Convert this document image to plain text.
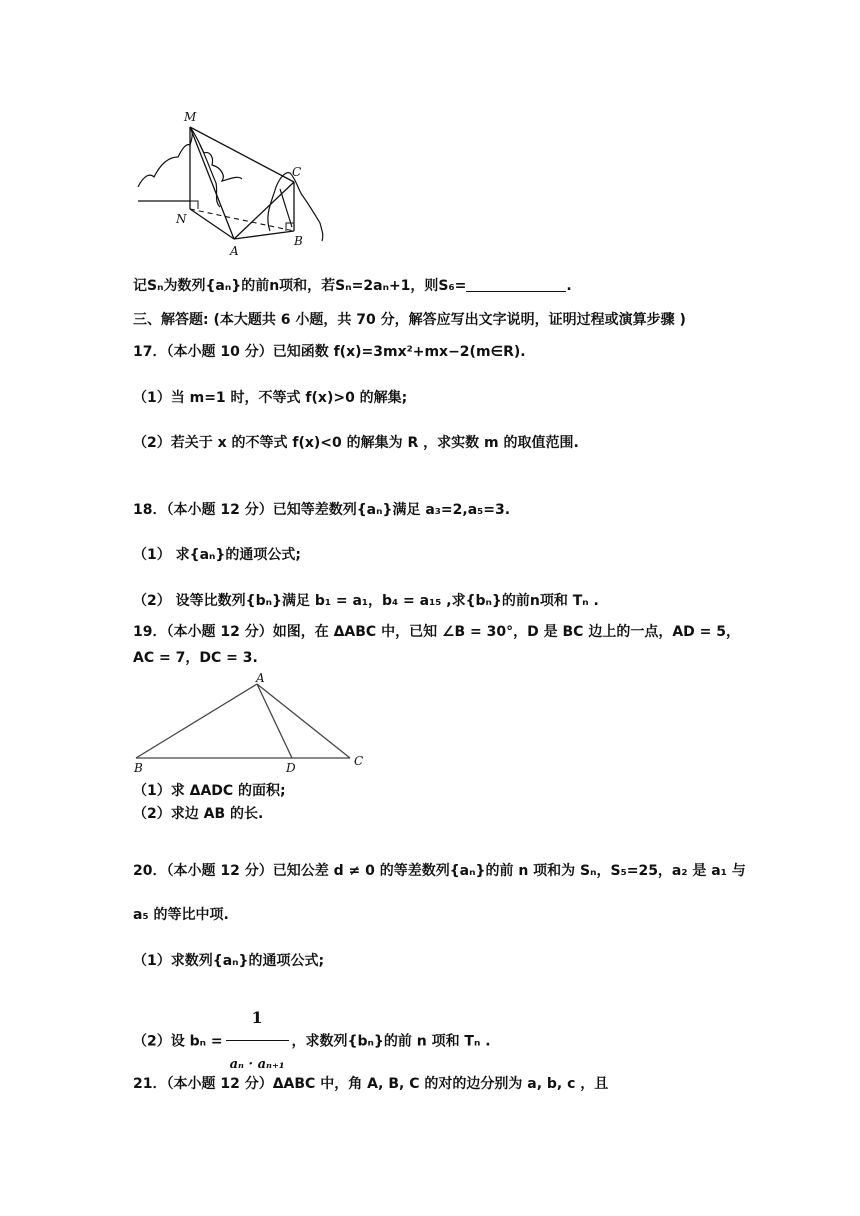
M
N
A
B
C
记Sₙ为数列{aₙ}的前n项和，若Sₙ=2aₙ+1，则S₆=	.
三、解答题: (本大题共 6 小题，共 70 分，解答应写出文字说明，证明过程或演算步骤 )
17．（本小题 10 分）已知函数 f(x)=3mx²+mx−2(m∈R).
（1）当 m=1 时，不等式 f(x)>0 的解集;
（2）若关于 x 的不等式 f(x)<0 的解集为 R ，求实数 m 的取值范围.
18．（本小题 12 分）已知等差数列{aₙ}满足 a₃=2,a₅=3.
（1） 求{aₙ}的通项公式;
（2） 设等比数列{bₙ}满足 b₁ = a₁，b₄ = a₁₅ ,求{bₙ}的前n项和 Tₙ .
19．（本小题 12 分）如图，在 ΔABC 中，已知 ∠B = 30°，D 是 BC 边上的一点，AD = 5，
AC = 7，DC = 3.
A
B	D	C
（1）求 ΔADC 的面积;
（2）求边 AB 的长.
20．（本小题 12 分）已知公差 d ≠ 0 的等差数列{aₙ}的前 n 项和为 Sₙ，S₅=25，a₂ 是 a₁ 与
a₅ 的等比中项.
（1）求数列{aₙ}的通项公式;
（2）设 $b_n = \frac{1}{\text{aₙ · aₙ₊₁}}$ ，求数列{bₙ}的前 n 项和 Tₙ .
21．（本小题 12 分）ΔABC 中，角 A, B, C 的对的边分别为 a, b, c ，且
